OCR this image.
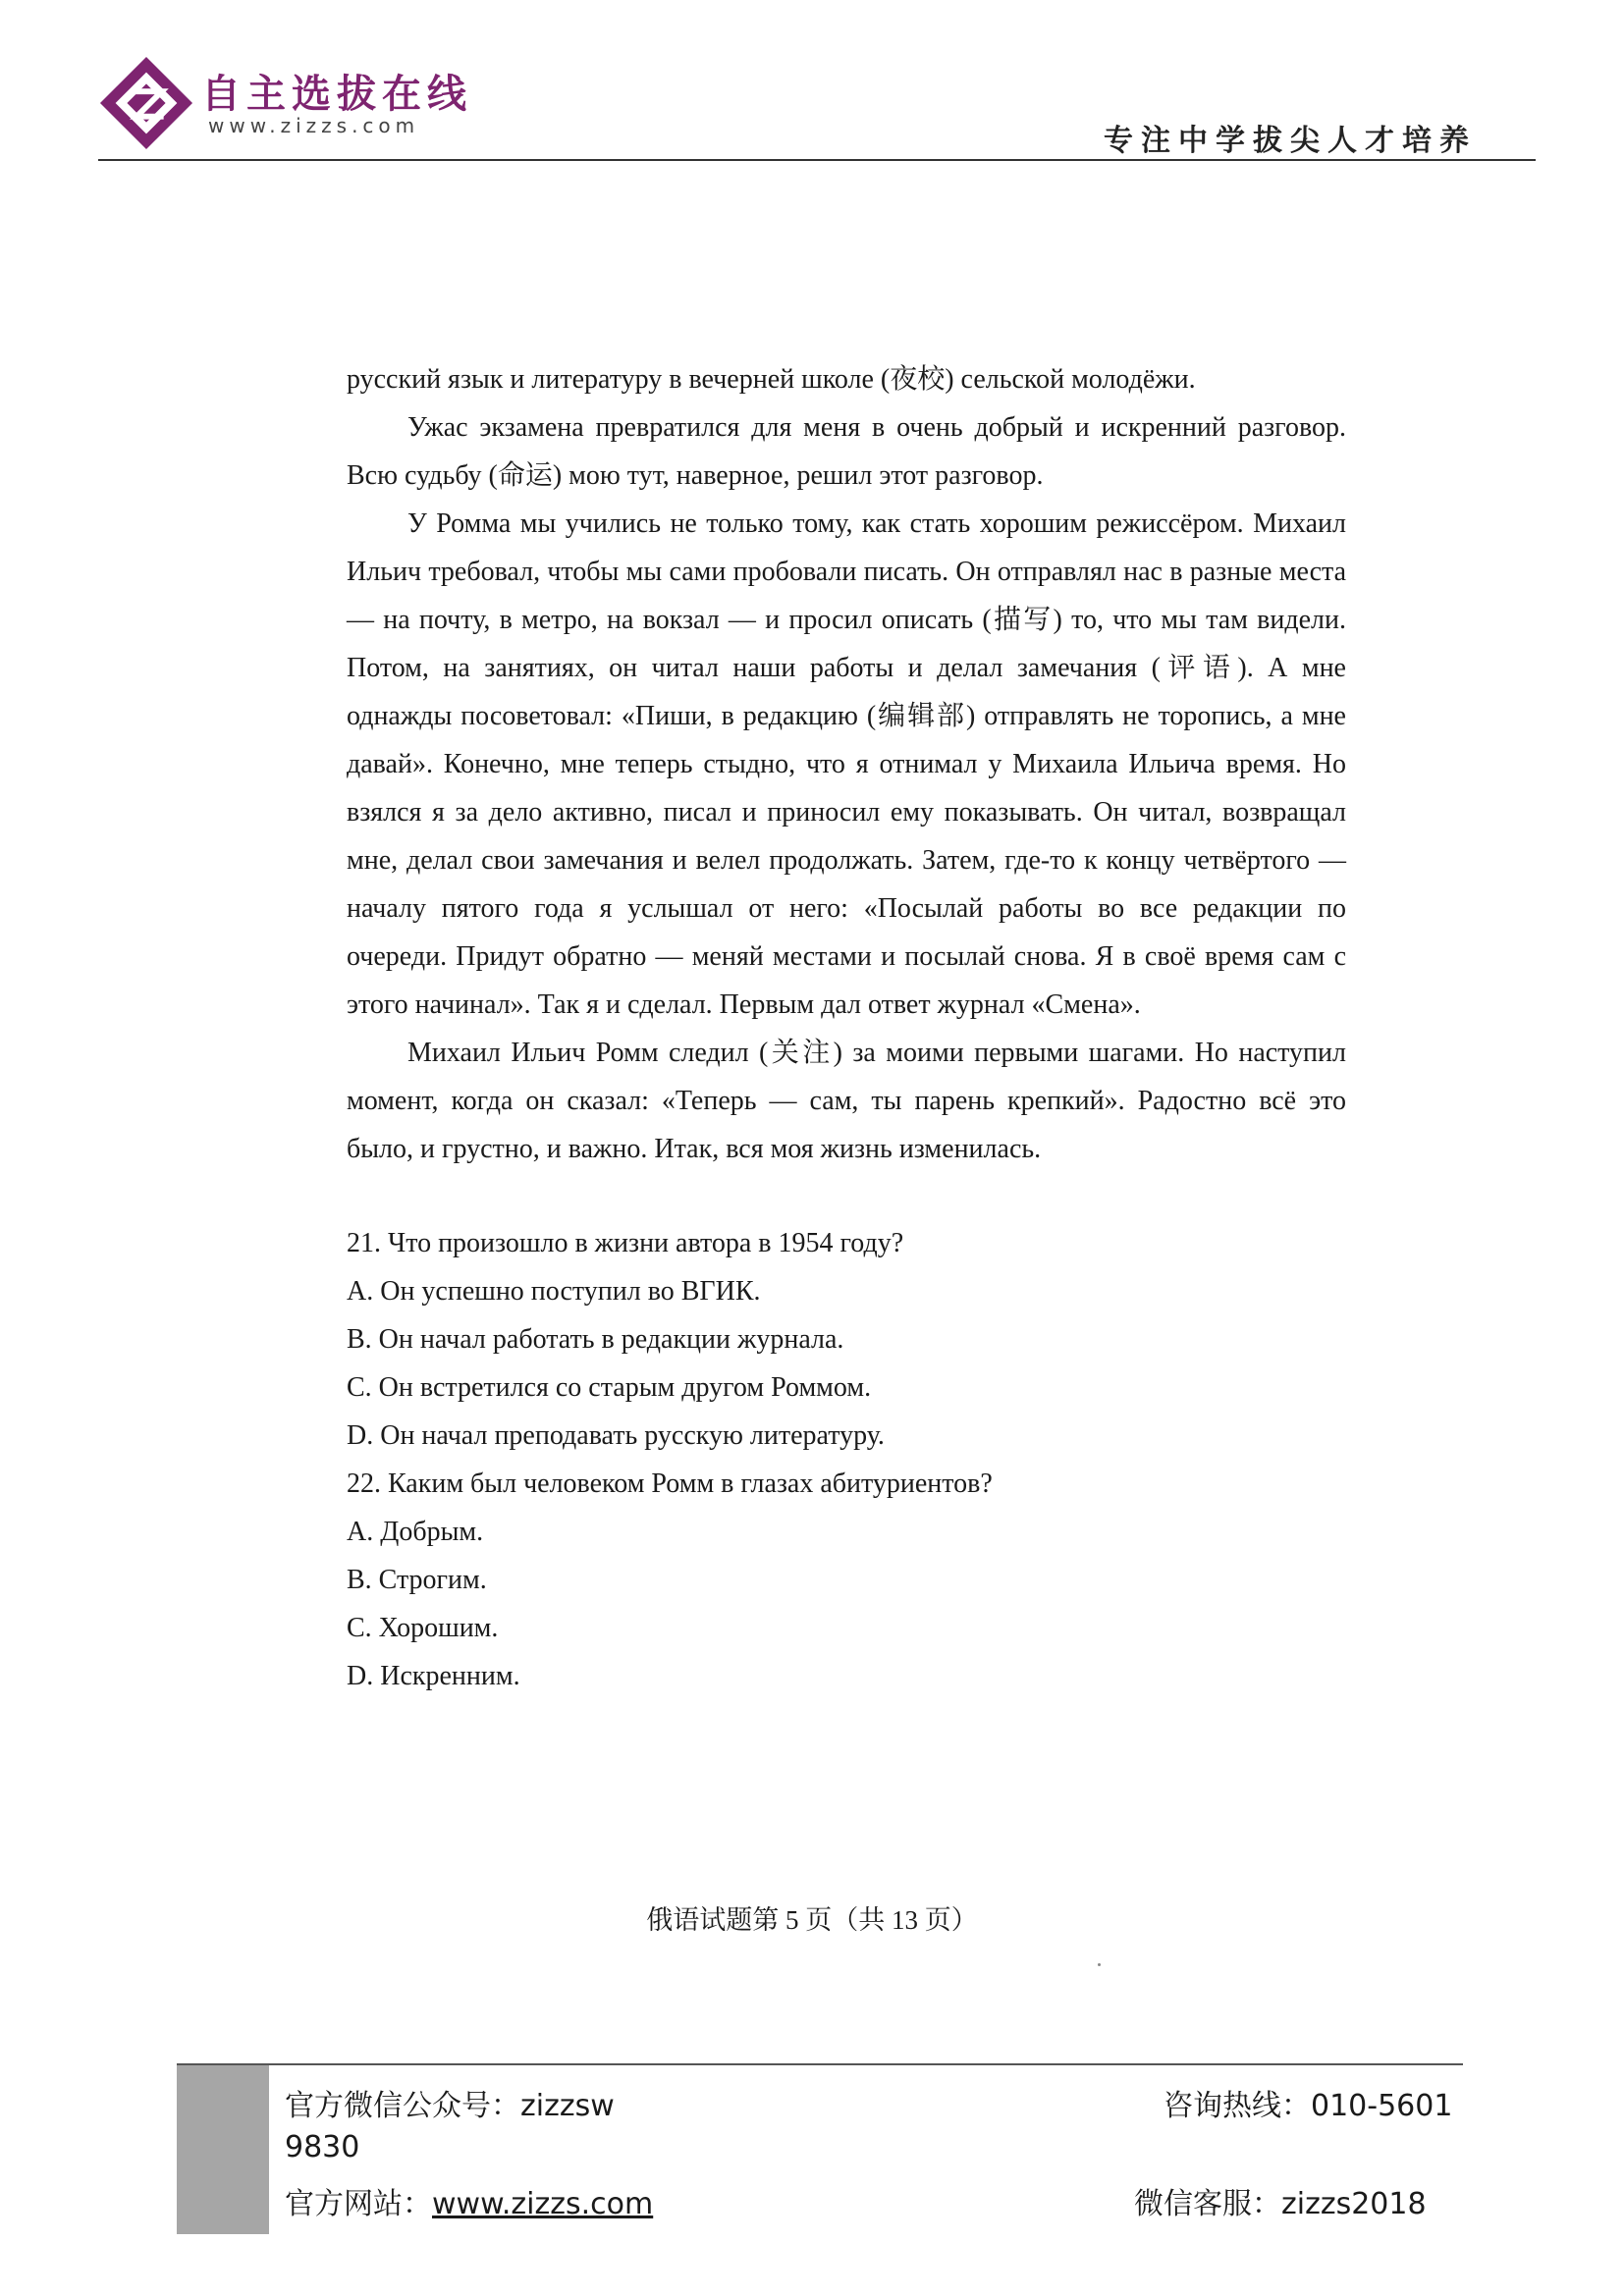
自主选拔在线
www.zizzs.com	专注中学拔尖人才培养

русский язык и литературу в вечерней школе (夜校) сельской молодёжи.

Ужас экзамена превратился для меня в очень добрый и искренний разговор. Всю судьбу (命运) мою тут, наверное, решил этот разговор.

У Ромма мы учились не только тому, как стать хорошим режиссёром. Михаил Ильич требовал, чтобы мы сами пробовали писать. Он отправлял нас в разные места — на почту, в метро, на вокзал — и просил описать (描写) то, что мы там видели. Потом, на занятиях, он читал наши работы и делал замечания (评语). А мне однажды посоветовал: «Пиши, в редакцию (编辑部) отправлять не торопись, а мне давай». Конечно, мне теперь стыдно, что я отнимал у Михаила Ильича время. Но взялся я за дело активно, писал и приносил ему показывать. Он читал, возвращал мне, делал свои замечания и велел продолжать. Затем, где-то к концу четвёртого — началу пятого года я услышал от него: «Посылай работы во все редакции по очереди. Придут обратно — меняй местами и посылай снова. Я в своё время сам с этого начинал». Так я и сделал. Первым дал ответ журнал «Смена».

Михаил Ильич Ромм следил (关注) за моими первыми шагами. Но наступил момент, когда он сказал: «Теперь — сам, ты парень крепкий». Радостно всё это было, и грустно, и важно. Итак, вся моя жизнь изменилась.

21. Что произошло в жизни автора в 1954 году?

A. Он успешно поступил во ВГИК.

B. Он начал работать в редакции журнала.

C. Он встретился со старым другом Роммом.

D. Он начал преподавать русскую литературу.

22. Каким был человеком Ромм в глазах абитуриентов?

A. Добрым.

B. Строгим.

C. Хорошим.

D. Искренним.

俄语试题第 5 页（共 13 页）
官方微信公众号：zizzsw	咨询热线：010-5601
9830
官方网站：www.zizzs.com	微信客服：zizzs2018
